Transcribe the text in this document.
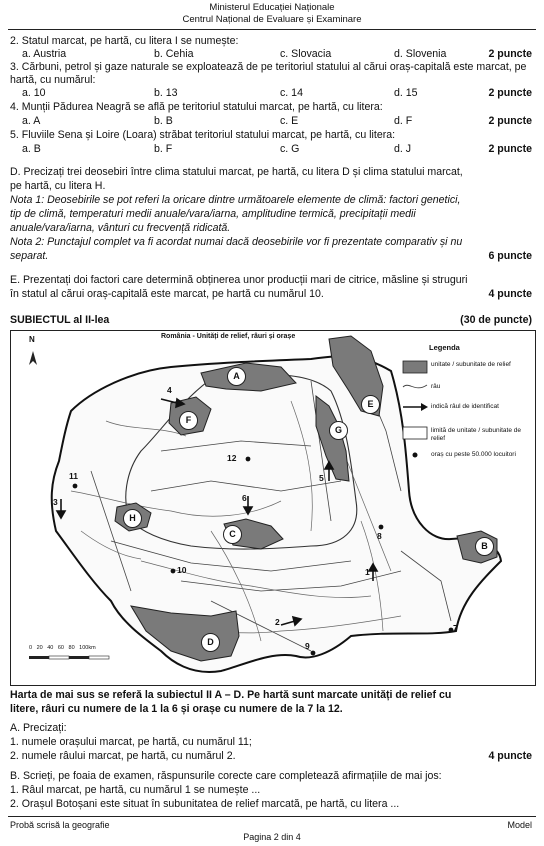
Ministerul Educației Naționale
Centrul Național de Evaluare și Examinare
2. Statul marcat, pe hartă, cu litera I se numește:
a. Austria	b. Cehia	c. Slovacia	d. Slovenia	2 puncte
3. Cărbuni, petrol și gaze naturale se exploatează de pe teritoriul statului al cărui oraș-capitală este marcat, pe hartă, cu numărul:
a. 10	b. 13	c. 14	d. 15	2 puncte
4. Munții Pădurea Neagră se află pe teritoriul statului marcat, pe hartă, cu litera:
a. A	b. B	c. E	d. F	2 puncte
5. Fluviile Sena și Loire (Loara) străbat teritoriul statului marcat, pe hartă, cu litera:
a. B	b. F	c. G	d. J	2 puncte
D. Precizați trei deosebiri între clima statului marcat, pe hartă, cu litera D și clima statului marcat,
pe hartă, cu litera H.
Nota 1: Deosebirile se pot referi la oricare dintre următoarele elemente de climă: factori genetici,
tip de climă, temperaturi medii anuale/vara/iarna, amplitudine termică, precipitații medii
anuale/vara/iarna, vânturi cu frecvență ridicată.
Nota 2: Punctajul complet va fi acordat numai dacă deosebirile vor fi prezentate comparativ și nu
separat.	6 puncte
E. Prezentați doi factori care determină obținerea unor producții mari de citrice, măsline și struguri
în statul al cărui oraș-capitală este marcat, pe hartă cu numărul 10.	4 puncte
SUBIECTUL al II-lea	(30 de puncte)
România - Unități de relief, râuri și orașe
N
Legenda
unitate / subunitate de relief
râu
indică râul de identificat
limită de unitate / subunitate de relief
oraș cu peste 50.000 locuitori
0 20 40 60 80 100km
A
B
C
D
E
F
G
H
1
2
3
4
5
6
7
8
9
10
11
12
Harta de mai sus se referă la subiectul II A – D. Pe hartă sunt marcate unități de relief cu
litere, râuri cu numere de la 1 la 6 și orașe cu numere de la 7 la 12.
A. Precizați:
1. numele orașului marcat, pe hartă, cu numărul 11;
2. numele râului marcat, pe hartă, cu numărul 2.	4 puncte
B. Scrieți, pe foaia de examen, răspunsurile corecte care completează afirmațiile de mai jos:
1. Râul marcat, pe hartă, cu numărul 1 se numește ...
2. Orașul Botoșani este situat în subunitatea de relief marcată, pe hartă, cu litera ...
Probă scrisă la geografie
Pagina 2 din 4
Model
